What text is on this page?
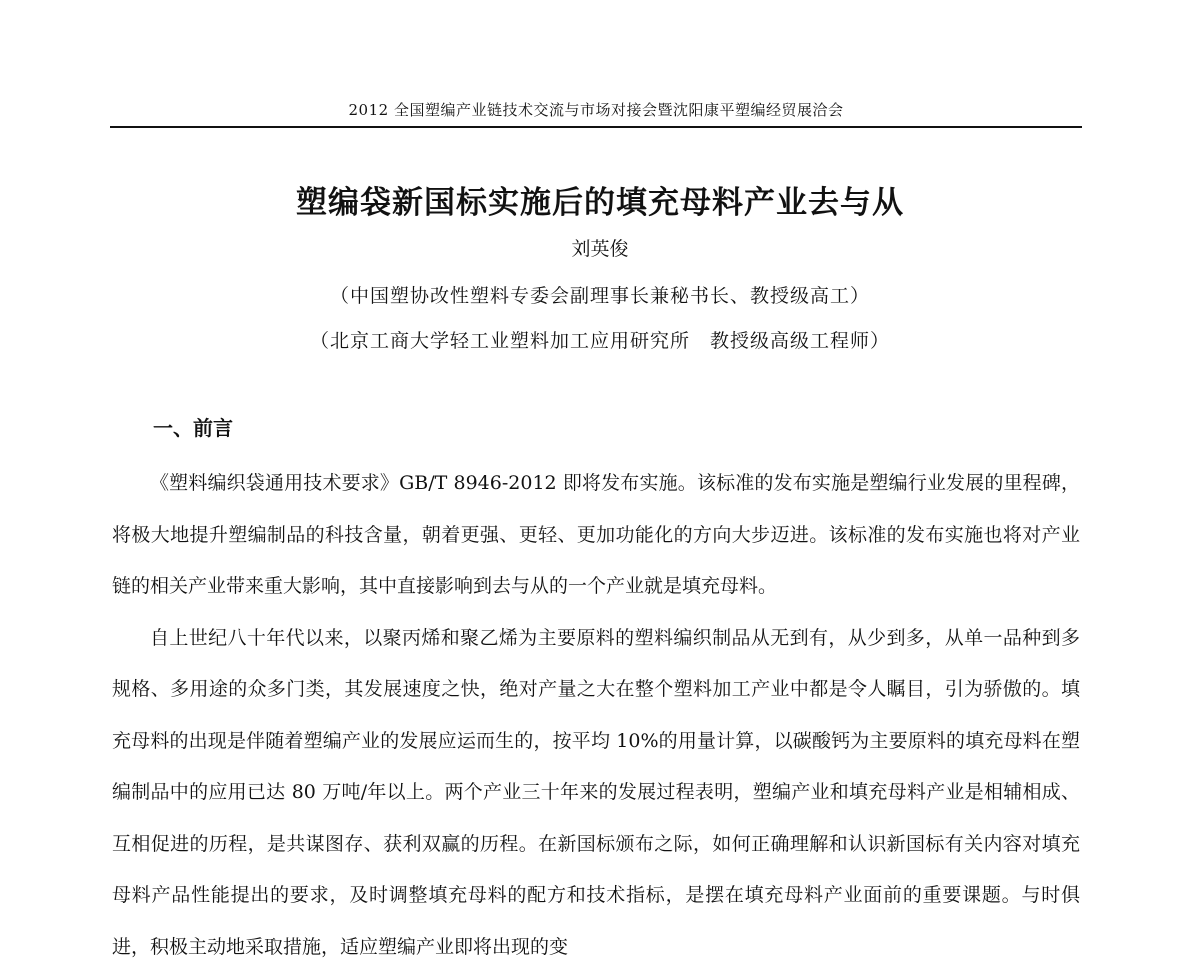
2012 全国塑编产业链技术交流与市场对接会暨沈阳康平塑编经贸展洽会
塑编袋新国标实施后的填充母料产业去与从
刘英俊
（中国塑协改性塑料专委会副理事长兼秘书长、教授级高工）
（北京工商大学轻工业塑料加工应用研究所　教授级高级工程师）
一、前言

《塑料编织袋通用技术要求》GB/T 8946-2012 即将发布实施。该标准的发布实施是塑编行业发展的里程碑，将极大地提升塑编制品的科技含量，朝着更强、更轻、更加功能化的方向大步迈进。该标准的发布实施也将对产业链的相关产业带来重大影响，其中直接影响到去与从的一个产业就是填充母料。

自上世纪八十年代以来，以聚丙烯和聚乙烯为主要原料的塑料编织制品从无到有，从少到多，从单一品种到多规格、多用途的众多门类，其发展速度之快，绝对产量之大在整个塑料加工产业中都是令人瞩目，引为骄傲的。填充母料的出现是伴随着塑编产业的发展应运而生的，按平均 10%的用量计算，以碳酸钙为主要原料的填充母料在塑编制品中的应用已达 80 万吨/年以上。两个产业三十年来的发展过程表明，塑编产业和填充母料产业是相辅相成、互相促进的历程，是共谋图存、获利双赢的历程。在新国标颁布之际，如何正确理解和认识新国标有关内容对填充母料产品性能提出的要求，及时调整填充母料的配方和技术指标，是摆在填充母料产业面前的重要课题。与时俱进，积极主动地采取措施，适应塑编产业即将出现的变
